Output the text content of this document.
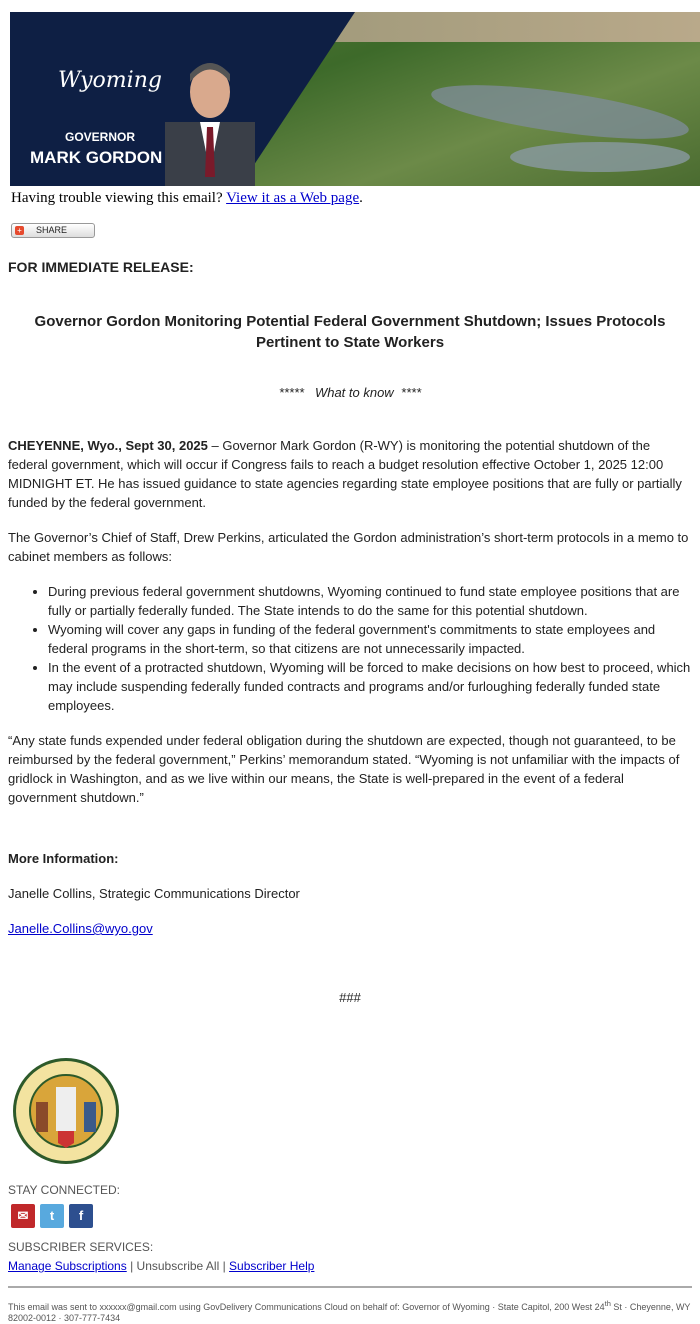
Wyoming
GOVERNOR
MARK GORDON
Having trouble viewing this email? View it as a Web page.
+ SHARE
FOR IMMEDIATE RELEASE:
Governor Gordon Monitoring Potential Federal Government Shutdown; Issues Protocols Pertinent to State Workers
*****   What to know  ****
CHEYENNE, Wyo., Sept 30, 2025 – Governor Mark Gordon (R-WY) is monitoring the potential shutdown of the federal government, which will occur if Congress fails to reach a budget resolution effective October 1, 2025 12:00 MIDNIGHT ET. He has issued guidance to state agencies regarding state employee positions that are fully or partially funded by the federal government.
The Governor’s Chief of Staff, Drew Perkins, articulated the Gordon administration’s short-term protocols in a memo to cabinet members as follows:
• During previous federal government shutdowns, Wyoming continued to fund state employee positions that are fully or partially federally funded. The State intends to do the same for this potential shutdown.
• Wyoming will cover any gaps in funding of the federal government's commitments to state employees and federal programs in the short-term, so that citizens are not unnecessarily impacted.
• In the event of a protracted shutdown, Wyoming will be forced to make decisions on how best to proceed, which may include suspending federally funded contracts and programs and/or furloughing federally funded state employees.
“Any state funds expended under federal obligation during the shutdown are expected, though not guaranteed, to be reimbursed by the federal government,” Perkins’ memorandum stated. “Wyoming is not unfamiliar with the impacts of gridlock in Washington, and as we live within our means, the State is well-prepared in the event of a federal government shutdown.”
More Information:
Janelle Collins, Strategic Communications Director
Janelle.Collins@wyo.gov
###
STAY CONNECTED:
✉ t f
SUBSCRIBER SERVICES:
Manage Subscriptions | Unsubscribe All | Subscriber Help
This email was sent to xxxxxx@gmail.com using GovDelivery Communications Cloud on behalf of: Governor of Wyoming · State Capitol, 200 West 24th St · Cheyenne, WY
82002-0012 · 307-777-7434
